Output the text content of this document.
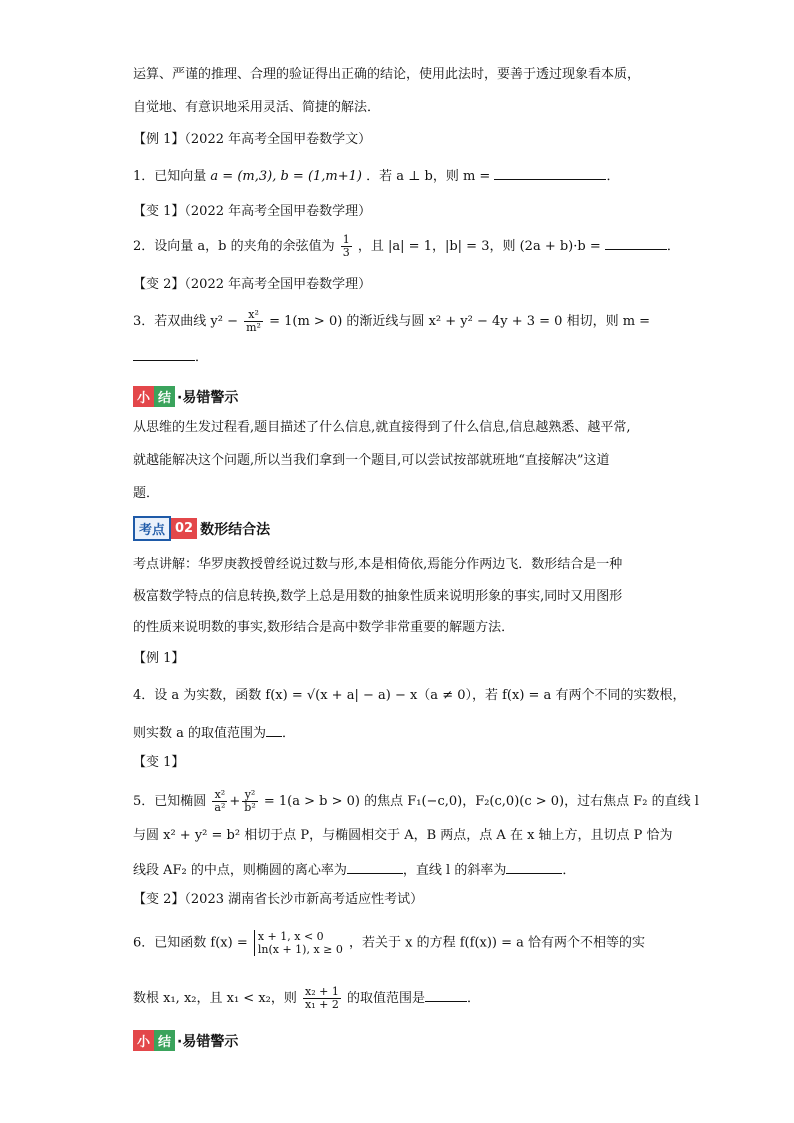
运算、严谨的推理、合理的验证得出正确的结论，使用此法时，要善于透过现象看本质，
自觉地、有意识地采用灵活、简捷的解法．
【例 1】（2022 年高考全国甲卷数学文）
1．已知向量 a = (m,3), b = (1,m+1) ．若 a ⊥ b，则 m =	．
【变 1】（2022 年高考全国甲卷数学理）
2．设向量 a，b 的夹角的余弦值为 $\frac{1}{3}$ ，且 |a| = 1，|b| = 3，则 (2a + b)·b =	．
【变 2】（2022 年高考全国甲卷数学理）
3．若双曲线 $y^2 - \frac{\text{x²}}{\text{m²}} = 1(m > 0)$ 的渐近线与圆 x² + y² − 4y + 3 = 0 相切，则 m =
．
小 结 ·易错警示
从思维的生发过程看,题目描述了什么信息,就直接得到了什么信息,信息越熟悉、越平常,
就越能解决这个问题,所以当我们拿到一个题目,可以尝试按部就班地“直接解决”这道
题．
考点 02 数形结合法
考点讲解：华罗庚教授曾经说过数与形,本是相倚依,焉能分作两边飞．数形结合是一种
极富数学特点的信息转换,数学上总是用数的抽象性质来说明形象的事实,同时又用图形
的性质来说明数的事实,数形结合是高中数学非常重要的解题方法．
【例 1】
4．设 a 为实数，函数 f(x) = √(x + a| − a) − x（a ≠ 0），若 f(x) = a 有两个不同的实数根，
则实数 a 的取值范围为 ．
【变 1】
5．已知椭圆 $\frac{\text{x²}}{\text{a²}} + \frac{\text{y²}}{\text{b²}} = 1(a > b > 0)$ 的焦点 F₁(−c,0)，F₂(c,0)(c > 0)，过右焦点 F₂ 的直线 l
与圆 x² + y² = b² 相切于点 P，与椭圆相交于 A，B 两点，点 A 在 x 轴上方，且切点 P 恰为
线段 AF₂ 的中点，则椭圆的离心率为	，直线 l 的斜率为	．
【变 2】（2023 湖南省长沙市新高考适应性考试）
6．已知函数 f(x) = x + 1, x < 0
ln(x + 1), x ≥ 0 ，若关于 x 的方程 f(f(x)) = a 恰有两个不相等的实
数根 x₁, x₂，且 x₁ < x₂，则 $\frac{\text{x₂ + 1}}{\text{x₁ + 2}}$ 的取值范围是	．
小 结 ·易错警示
